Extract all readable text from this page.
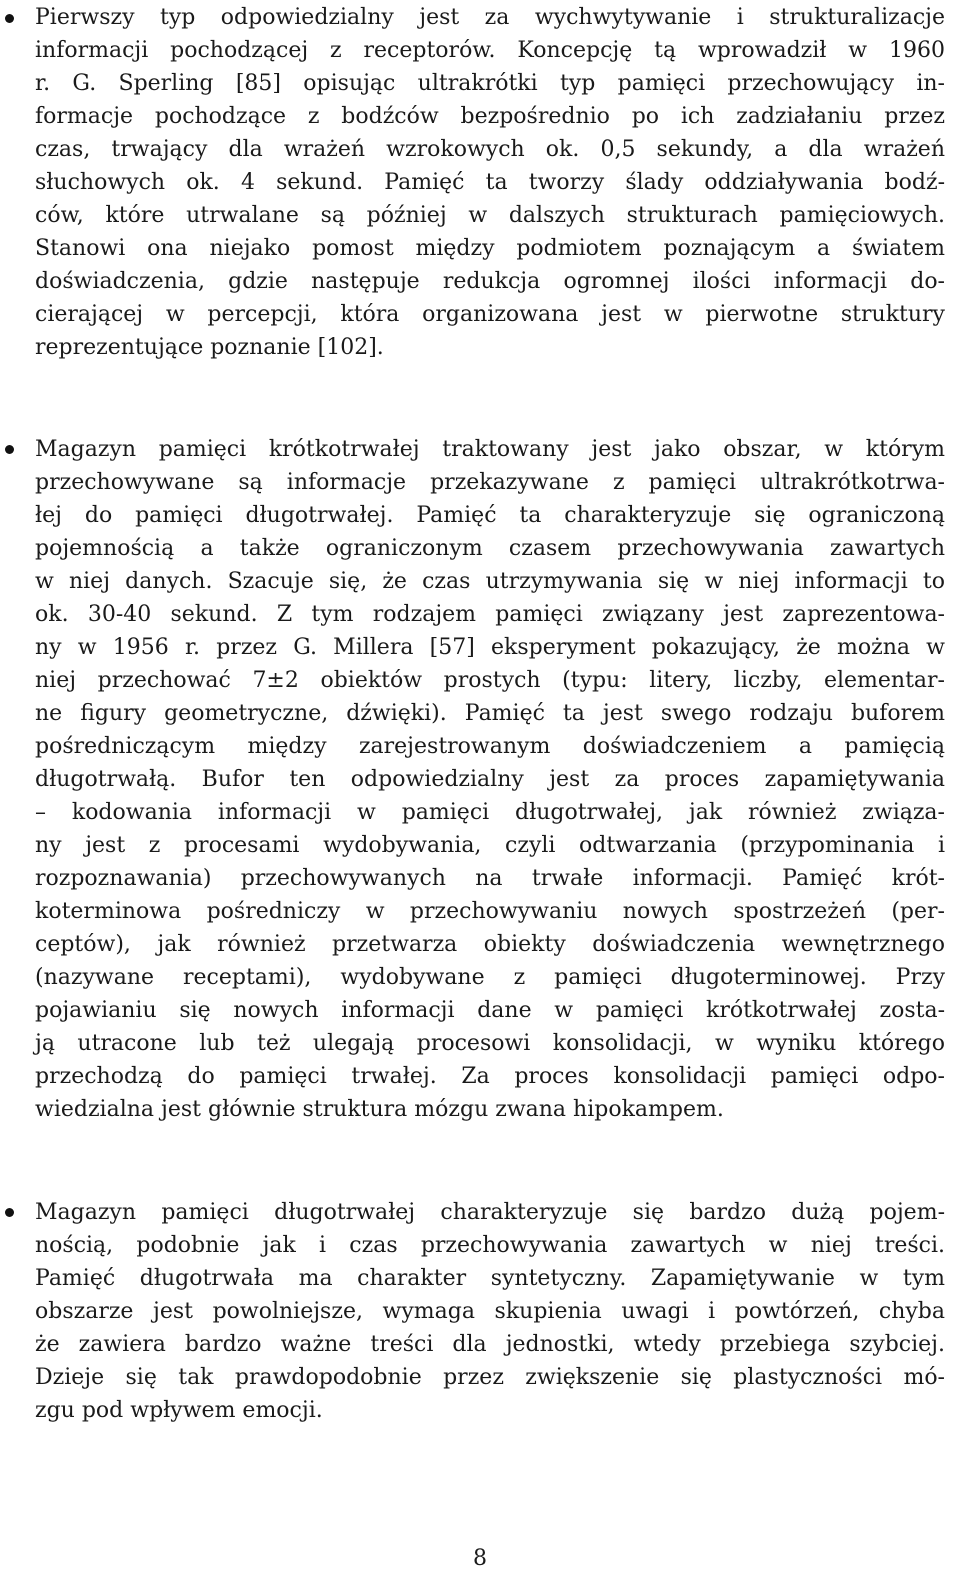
Pierwszy typ odpowiedzialny jest za wychwytywanie i strukturalizacje
informacji pochodzącej z receptorów. Koncepcję tą wprowadził w 1960
r. G. Sperling [85] opisując ultrakrótki typ pamięci przechowujący in-
formacje pochodzące z bodźców bezpośrednio po ich zadziałaniu przez
czas, trwający dla wrażeń wzrokowych ok. 0,5 sekundy, a dla wrażeń
słuchowych ok. 4 sekund. Pamięć ta tworzy ślady oddziaływania bodź-
ców, które utrwalane są później w dalszych strukturach pamięciowych.
Stanowi ona niejako pomost między podmiotem poznającym a światem
doświadczenia, gdzie następuje redukcja ogromnej ilości informacji do-
cierającej w percepcji, która organizowana jest w pierwotne struktury
reprezentujące poznanie [102].
Magazyn pamięci krótkotrwałej traktowany jest jako obszar, w którym
przechowywane są informacje przekazywane z pamięci ultrakrótkotrwa-
łej do pamięci długotrwałej. Pamięć ta charakteryzuje się ograniczoną
pojemnością a także ograniczonym czasem przechowywania zawartych
w niej danych. Szacuje się, że czas utrzymywania się w niej informacji to
ok. 30-40 sekund. Z tym rodzajem pamięci związany jest zaprezentowa-
ny w 1956 r. przez G. Millera [57] eksperyment pokazujący, że można w
niej przechować 7±2 obiektów prostych (typu: litery, liczby, elementar-
ne figury geometryczne, dźwięki). Pamięć ta jest swego rodzaju buforem
pośredniczącym między zarejestrowanym doświadczeniem a pamięcią
długotrwałą. Bufor ten odpowiedzialny jest za proces zapamiętywania
– kodowania informacji w pamięci długotrwałej, jak również związa-
ny jest z procesami wydobywania, czyli odtwarzania (przypominania i
rozpoznawania) przechowywanych na trwałe informacji. Pamięć krót-
koterminowa pośredniczy w przechowywaniu nowych spostrzeżeń (per-
ceptów), jak również przetwarza obiekty doświadczenia wewnętrznego
(nazywane receptami), wydobywane z pamięci długoterminowej. Przy
pojawianiu się nowych informacji dane w pamięci krótkotrwałej zosta-
ją utracone lub też ulegają procesowi konsolidacji, w wyniku którego
przechodzą do pamięci trwałej. Za proces konsolidacji pamięci odpo-
wiedzialna jest głównie struktura mózgu zwana hipokampem.
Magazyn pamięci długotrwałej charakteryzuje się bardzo dużą pojem-
nością, podobnie jak i czas przechowywania zawartych w niej treści.
Pamięć długotrwała ma charakter syntetyczny. Zapamiętywanie w tym
obszarze jest powolniejsze, wymaga skupienia uwagi i powtórzeń, chyba
że zawiera bardzo ważne treści dla jednostki, wtedy przebiega szybciej.
Dzieje się tak prawdopodobnie przez zwiększenie się plastyczności mó-
zgu pod wpływem emocji.
8
